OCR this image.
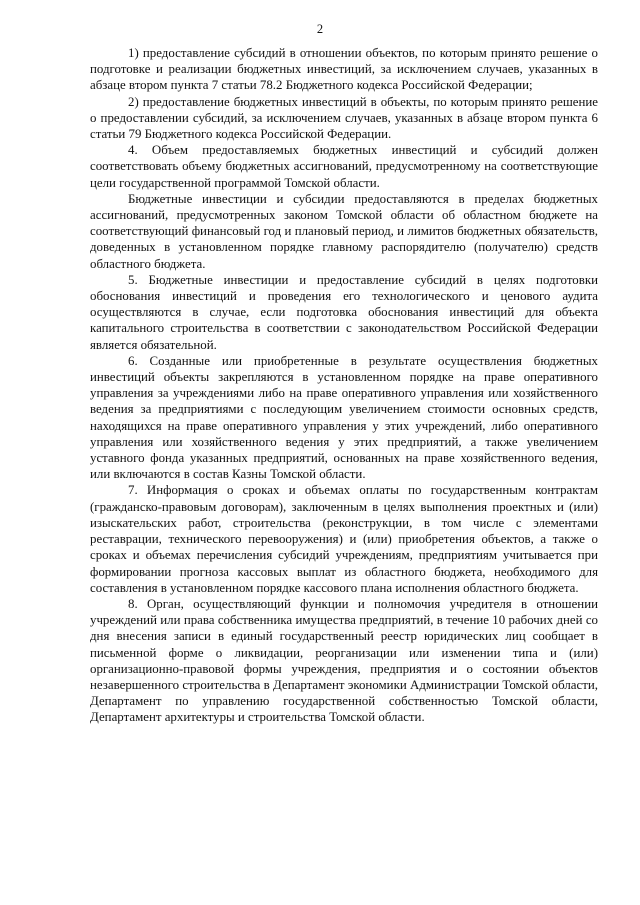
2

1) предоставление субсидий в отношении объектов, по которым принято решение о подготовке и реализации бюджетных инвестиций, за исключением случаев, указанных в абзаце втором пункта 7 статьи 78.2 Бюджетного кодекса Российской Федерации;

2) предоставление бюджетных инвестиций в объекты, по которым принято решение о предоставлении субсидий, за исключением случаев, указанных в абзаце втором пункта 6 статьи 79 Бюджетного кодекса Российской Федерации.

4. Объем предоставляемых бюджетных инвестиций и субсидий должен соответствовать объему бюджетных ассигнований, предусмотренному на соответствующие цели государственной программой Томской области.

Бюджетные инвестиции и субсидии предоставляются в пределах бюджетных ассигнований, предусмотренных законом Томской области об областном бюджете на соответствующий финансовый год и плановый период, и лимитов бюджетных обязательств, доведенных в установленном порядке главному распорядителю (получателю) средств областного бюджета.

5. Бюджетные инвестиции и предоставление субсидий в целях подготовки обоснования инвестиций и проведения его технологического и ценового аудита осуществляются в случае, если подготовка обоснования инвестиций для объекта капитального строительства в соответствии с законодательством Российской Федерации является обязательной.

6. Созданные или приобретенные в результате осуществления бюджетных инвестиций объекты закрепляются в установленном порядке на праве оперативного управления за учреждениями либо на праве оперативного управления или хозяйственного ведения за предприятиями с последующим увеличением стоимости основных средств, находящихся на праве оперативного управления у этих учреждений, либо оперативного управления или хозяйственного ведения у этих предприятий, а также увеличением уставного фонда указанных предприятий, основанных на праве хозяйственного ведения, или включаются в состав Казны Томской области.

7. Информация о сроках и объемах оплаты по государственным контрактам (гражданско-правовым договорам), заключенным в целях выполнения проектных и (или) изыскательских работ, строительства (реконструкции, в том числе с элементами реставрации, технического перевооружения) и (или) приобретения объектов, а также о сроках и объемах перечисления субсидий учреждениям, предприятиям учитывается при формировании прогноза кассовых выплат из областного бюджета, необходимого для составления в установленном порядке кассового плана исполнения областного бюджета.

8. Орган, осуществляющий функции и полномочия учредителя в отношении учреждений или права собственника имущества предприятий, в течение 10 рабочих дней со дня внесения записи в единый государственный реестр юридических лиц сообщает в письменной форме о ликвидации, реорганизации или изменении типа и (или) организационно-правовой формы учреждения, предприятия и о состоянии объектов незавершенного строительства в Департамент экономики Администрации Томской области, Департамент по управлению государственной собственностью Томской области, Департамент архитектуры и строительства Томской области.
